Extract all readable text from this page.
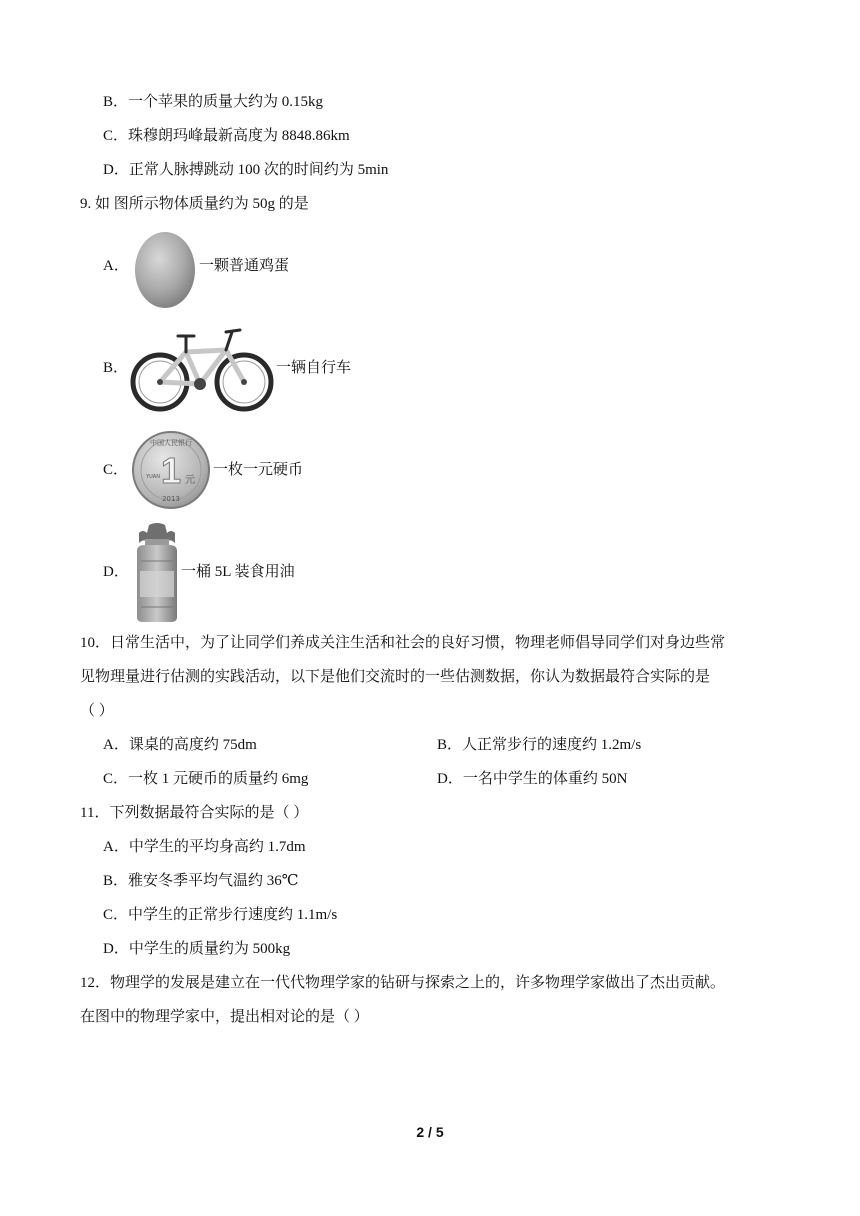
B．一个苹果的质量大约为 0.15kg
C．珠穆朗玛峰最新高度为 8848.86km
D．正常人脉搏跳动 100 次的时间约为 5min
9. 如 图所示物体质量约为 50g 的是
A．	一颗普通鸡蛋
B．	一辆自行车
C．
中国人民银行
1 元
YUAN
2013
一枚一元硬币
D．	一桶 5L 装食用油
10．日常生活中，为了让同学们养成关注生活和社会的良好习惯，物理老师倡导同学们对身边些常
见物理量进行估测的实践活动，以下是他们交流时的一些估测数据，你认为数据最符合实际的是
（ ）
A．课桌的高度约 75dm	B．人正常步行的速度约 1.2m/s
C．一枚 1 元硬币的质量约 6mg	D．一名中学生的体重约 50N
11．下列数据最符合实际的是（ ）
A．中学生的平均身高约 1.7dm
B．雅安冬季平均气温约 36℃
C．中学生的正常步行速度约 1.1m/s
D．中学生的质量约为 500kg
12．物理学的发展是建立在一代代物理学家的钻研与探索之上的，许多物理学家做出了杰出贡献。
在图中的物理学家中，提出相对论的是（ ）
2 / 5
